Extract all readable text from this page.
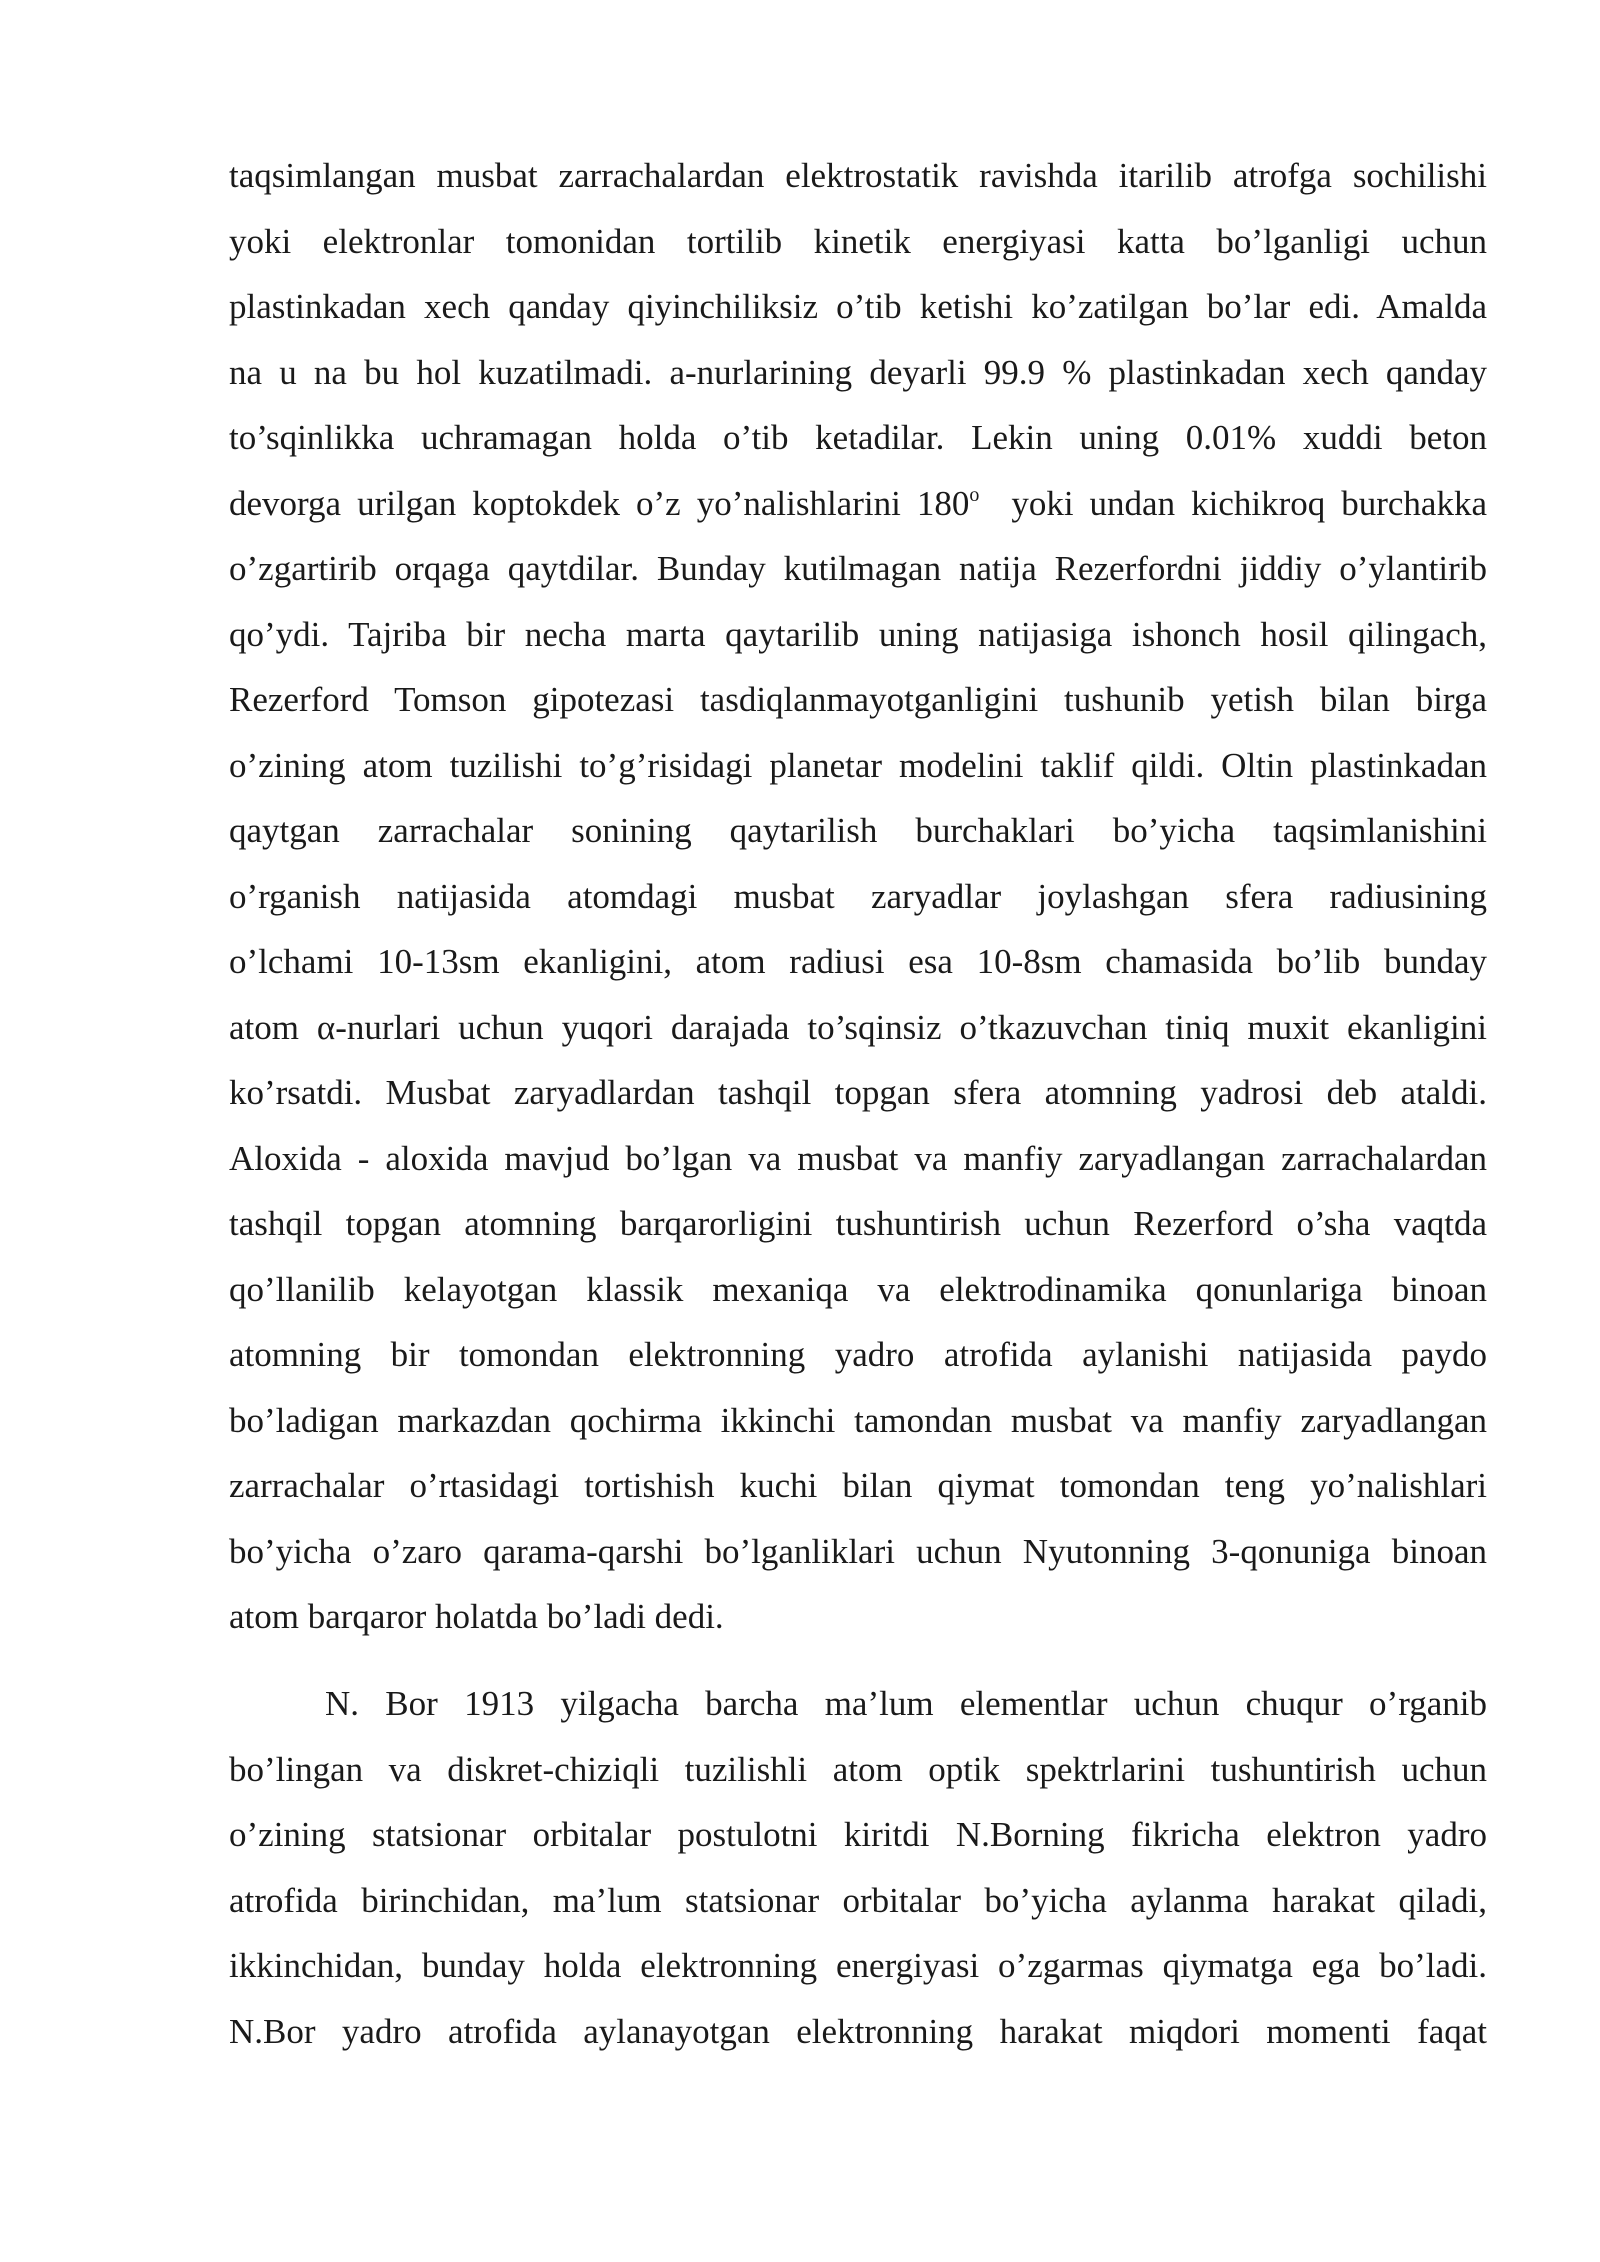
taqsimlangan musbat zarrachalardan elektrostatik ravishda itarilib atrofga sochilishi
yoki elektronlar tomonidan tortilib kinetik energiyasi katta bo’lganligi uchun
plastinkadan xech qanday qiyinchiliksiz o’tib ketishi ko’zatilgan bo’lar edi. Amalda
na u na bu hol kuzatilmadi. a-nurlarining deyarli 99.9 % plastinkadan xech qanday
to’sqinlikka uchramagan holda o’tib ketadilar. Lekin uning 0.01% xuddi beton
devorga urilgan koptokdek o’z yo’nalishlarini 180$^o$  yoki undan kichikroq burchakka
o’zgartirib orqaga qaytdilar. Bunday kutilmagan natija Rezerfordni jiddiy o’ylantirib
qo’ydi. Tajriba bir necha marta qaytarilib uning natijasiga ishonch hosil qilingach,
Rezerford Tomson gipotezasi tasdiqlanmayotganligini tushunib yetish bilan birga
o’zining atom tuzilishi to’g’risidagi planetar modelini taklif qildi. Oltin plastinkadan
qaytgan zarrachalar sonining qaytarilish burchaklari bo’yicha taqsimlanishini
o’rganish natijasida atomdagi musbat zaryadlar joylashgan sfera radiusining
o’lchami 10-13sm ekanligini, atom radiusi esa 10-8sm chamasida bo’lib bunday
atom α-nurlari uchun yuqori darajada to’sqinsiz o’tkazuvchan tiniq muxit ekanligini
ko’rsatdi. Musbat zaryadlardan tashqil topgan sfera atomning yadrosi deb ataldi.
Aloxida - aloxida mavjud bo’lgan va musbat va manfiy zaryadlangan zarrachalardan
tashqil topgan atomning barqarorligini tushuntirish uchun Rezerford o’sha vaqtda
qo’llanilib kelayotgan klassik mexaniqa va elektrodinamika qonunlariga binoan
atomning bir tomondan elektronning yadro atrofida aylanishi natijasida paydo
bo’ladigan markazdan qochirma ikkinchi tamondan musbat va manfiy zaryadlangan
zarrachalar o’rtasidagi tortishish kuchi bilan qiymat tomondan teng yo’nalishlari
bo’yicha o’zaro qarama-qarshi bo’lganliklari uchun Nyutonning 3-qonuniga binoan
atom barqaror holatda bo’ladi dedi.
N. Bor 1913 yilgacha barcha ma’lum elementlar uchun chuqur o’rganib
bo’lingan va diskret-chiziqli tuzilishli atom optik spektrlarini tushuntirish uchun
o’zining statsionar orbitalar postulotni kiritdi N.Borning fikricha elektron yadro
atrofida birinchidan, ma’lum statsionar orbitalar bo’yicha aylanma harakat qiladi,
ikkinchidan, bunday holda elektronning energiyasi o’zgarmas qiymatga ega bo’ladi.
N.Bor yadro atrofida aylanayotgan elektronning harakat miqdori momenti faqat
